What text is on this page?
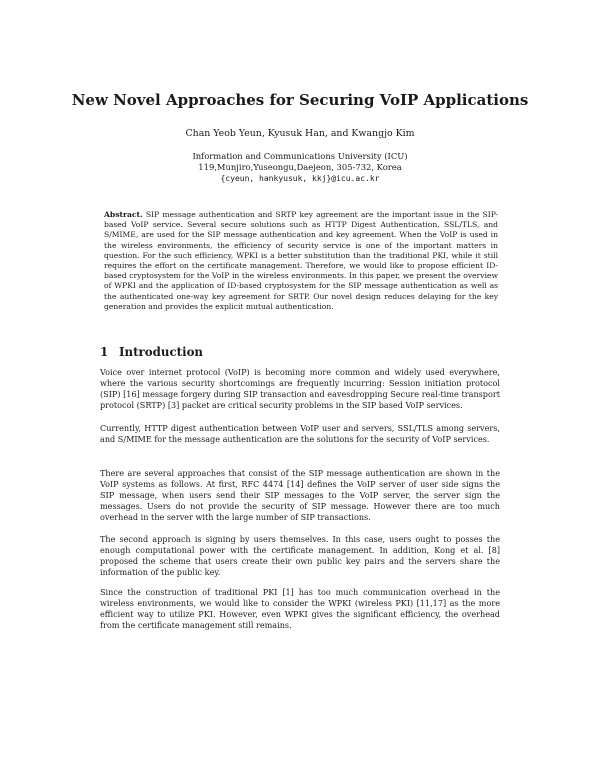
New Novel Approaches for Securing VoIP Applications
Chan Yeob Yeun, Kyusuk Han, and Kwangjo Kim
Information and Communications University (ICU)
119,Munjiro,Yuseongu,Daejeon, 305-732, Korea
{cyeun, hankyusuk, kkj}@icu.ac.kr
Abstract. SIP message authentication and SRTP key agreement are the important issue in the SIP-based VoIP service. Several secure solutions such as HTTP Digest Authentication, SSL/TLS, and S/MIME, are used for the SIP message authentication and key agreement. When the VoIP is used in the wireless environments, the efficiency of security service is one of the important matters in question. For the such efficiency, WPKI is a better substitution than the traditional PKI, while it still requires the effort on the certificate management. Therefore, we would like to propose efficient ID-based cryptosystem for the VoIP in the wireless environments. In this paper, we present the overview of WPKI and the application of ID-based cryptosystem for the SIP message authentication as well as the authenticated one-way key agreement for SRTP. Our novel design reduces delaying for the key generation and provides the explicit mutual authentication.
1 Introduction
Voice over internet protocol (VoIP) is becoming more common and widely used everywhere, where the various security shortcomings are frequently incurring: Session initiation protocol (SIP) [16] message forgery during SIP transaction and eavesdropping Secure real-time transport protocol (SRTP) [3] packet are critical security problems in the SIP based VoIP services.
Currently, HTTP digest authentication between VoIP user and servers, SSL/TLS among servers, and S/MIME for the message authentication are the solutions for the security of VoIP services.
There are several approaches that consist of the SIP message authentication are shown in the VoIP systems as follows. At first, RFC 4474 [14] defines the VoIP server of user side signs the SIP message, when users send their SIP messages to the VoIP server, the server sign the messages. Users do not provide the security of SIP message. However there are too much overhead in the server with the large number of SIP transactions.
The second approach is signing by users themselves. In this case, users ought to posses the enough computational power with the certificate management. In addition, Kong et al. [8] proposed the scheme that users create their own public key pairs and the servers share the information of the public key.
Since the construction of traditional PKI [1] has too much communication overhead in the wireless environments, we would like to consider the WPKI (wireless PKI) [11,17] as the more efficient way to utilize PKI. However, even WPKI gives the significant efficiency, the overhead from the certificate management still remains.
